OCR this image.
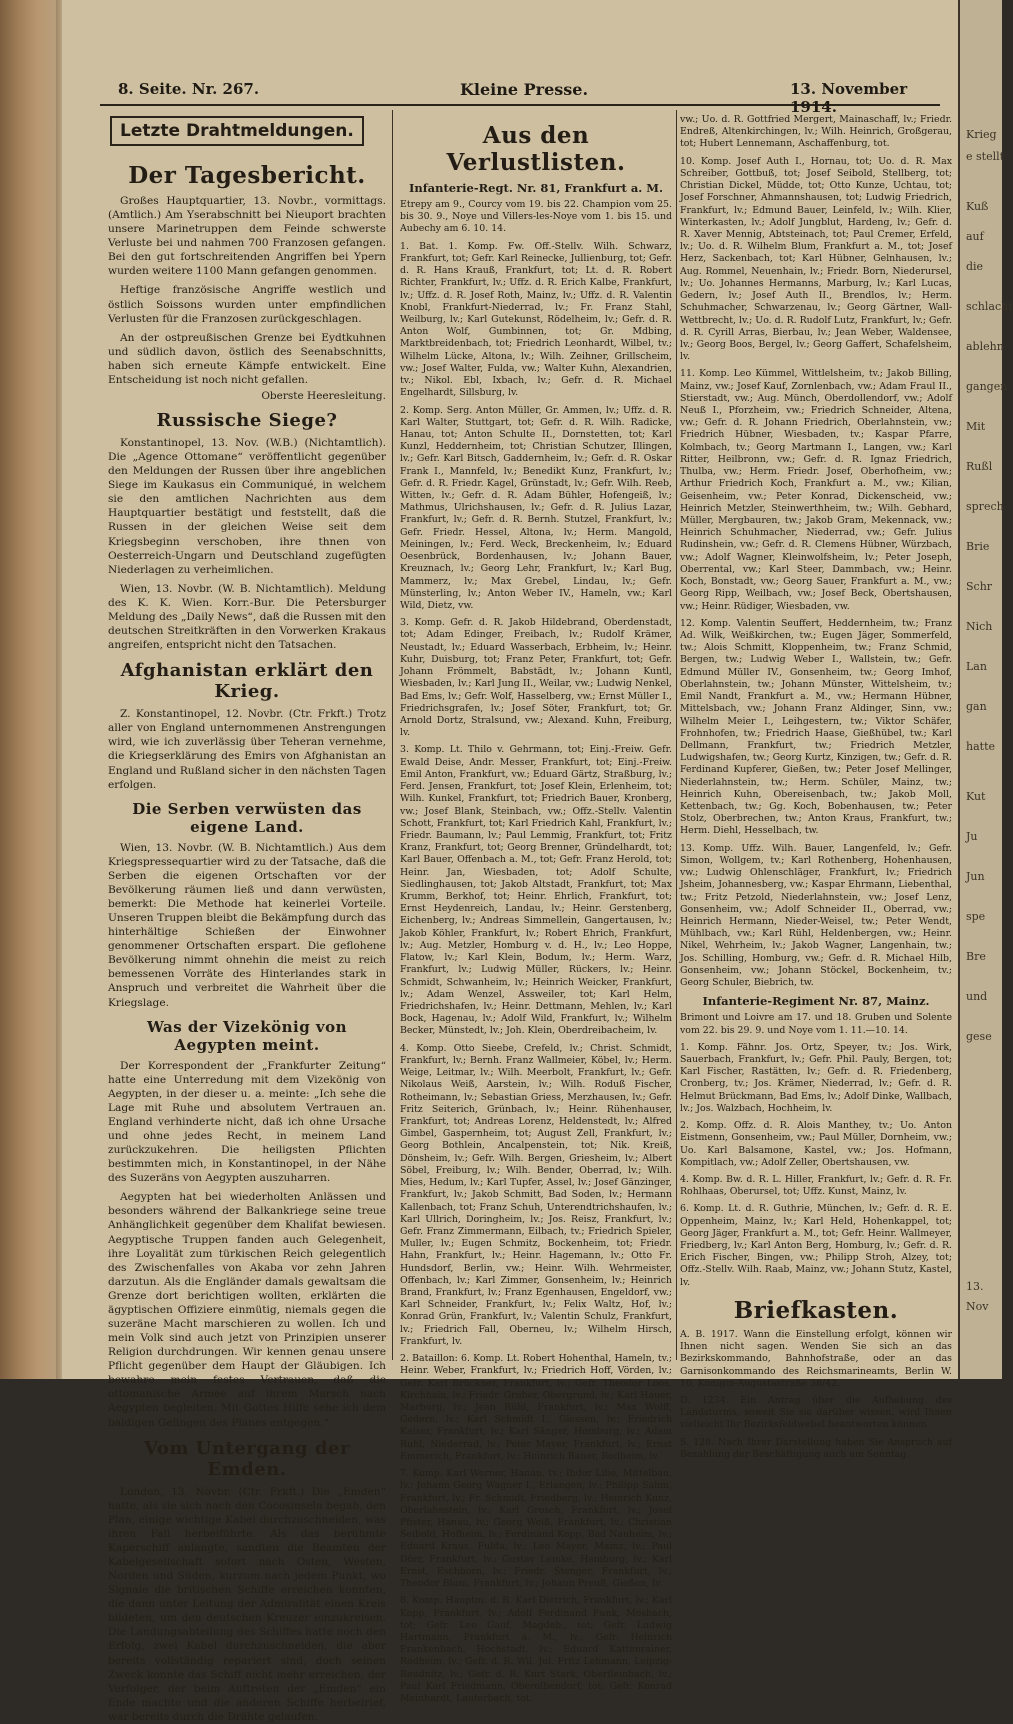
8. Seite. Nr. 267.	Kleine Presse.	13. November 1914.
Letzte Drahtmeldungen.
Der Tagesbericht.

Großes Hauptquartier, 13. Novbr., vormittags. (Amtlich.) Am Yserabschnitt bei Nieuport brachten unsere Marinetruppen dem Feinde schwerste Verluste bei und nahmen 700 Franzosen gefangen. Bei den gut fortschreitenden Angriffen bei Ypern wurden weitere 1100 Mann gefangen genommen.

Heftige französische Angriffe westlich und östlich Soissons wurden unter empfindlichen Verlusten für die Franzosen zurückgeschlagen.

An der ostpreußischen Grenze bei Eydtkuhnen und südlich davon, östlich des Seenabschnitts, haben sich erneute Kämpfe entwickelt. Eine Entscheidung ist noch nicht gefallen.

Oberste Heeresleitung.
Russische Siege?

Konstantinopel, 13. Nov. (W.B.) (Nichtamtlich). Die „Agence Ottomane“ veröffentlicht gegenüber den Meldungen der Russen über ihre angeblichen Siege im Kaukasus ein Communiqué, in welchem sie den amtlichen Nachrichten aus dem Hauptquartier bestätigt und feststellt, daß die Russen in der gleichen Weise seit dem Kriegsbeginn verschoben, ihre thnen von Oesterreich-Ungarn und Deutschland zugefügten Niederlagen zu verheimlichen.

Wien, 13. Novbr. (W. B. Nichtamtlich). Meldung des K. K. Wien. Korr.-Bur. Die Petersburger Meldung des „Daily News“, daß die Russen mit den deutschen Streitkräften in den Vorwerken Krakaus angreifen, entspricht nicht den Tatsachen.

Afghanistan erklärt den Krieg.

Z. Konstantinopel, 12. Novbr. (Ctr. Frkft.) Trotz aller von England unternommenen Anstrengungen wird, wie ich zuverlässig über Teheran vernehme, die Kriegserklärung des Emirs von Afghanistan an England und Rußland sicher in den nächsten Tagen erfolgen.

Die Serben verwüsten das eigene Land.

Wien, 13. Novbr. (W. B. Nichtamtlich.) Aus dem Kriegspressequartier wird zu der Tatsache, daß die Serben die eigenen Ortschaften vor der Bevölkerung räumen ließ und dann verwüsten, bemerkt: Die Methode hat keinerlei Vorteile. Unseren Truppen bleibt die Bekämpfung durch das hinterhältige Schießen der Einwohner genommener Ortschaften erspart. Die geflohene Bevölkerung nimmt ohnehin die meist zu reich bemessenen Vorräte des Hinterlandes stark in Anspruch und verbreitet die Wahrheit über die Kriegslage.

Was der Vizekönig von Aegypten meint.

Der Korrespondent der „Frankfurter Zeitung“ hatte eine Unterredung mit dem Vizekönig von Aegypten, in der dieser u. a. meinte: „Ich sehe die Lage mit Ruhe und absolutem Vertrauen an. England verhinderte nicht, daß ich ohne Ursache und ohne jedes Recht, in meinem Land zurückzukehren. Die heiligsten Pflichten bestimmten mich, in Konstantinopel, in der Nähe des Suzeräns von Aegypten auszuharren.

Aegypten hat bei wiederholten Anlässen und besonders während der Balkankriege seine treue Anhänglichkeit gegenüber dem Khalifat bewiesen. Aegyptische Truppen fanden auch Gelegenheit, ihre Loyalität zum türkischen Reich gelegentlich des Zwischenfalles von Akaba vor zehn Jahren darzutun. Als die Engländer damals gewaltsam die Grenze dort berichtigen wollten, erklärten die ägyptischen Offiziere einmütig, niemals gegen die suzeräne Macht marschieren zu wollen. Ich und mein Volk sind auch jetzt von Prinzipien unserer Religion durchdrungen. Wir kennen genau unsere Pflicht gegenüber dem Haupt der Gläubigen. Ich bewahre mein festes Vertrauen, daß die ottomanische Armee auf ihrem Marsch nach Aegypten begleiten. Mit Gottes Hilfe sehe ich dem baldigen Gelingen des Planes entgegen.“

Vom Untergang der Emden.

London, 13. Novbr. (Ctr. Frkft.) Die „Emden“ hatte, als sie sich nach den Cocosinseln begab, den Plan, einige wichtige Kabel durchzuschneiden, was ihren Fall herbeiführte. Als das berühmte Kaperschiff anlangte, sandten die Beamten der Kabelgesellschaft sofort nach Osten, Westen, Norden und Süden, kurzum nach jedem Punkt, wo Signale die britischen Schiffe erreichen konnten, die dann unter Leitung der Admiralität einen Kreis bildeten, um den deutschen Kreuzer einzukreisen. Die Landungsabteilung des Schiffes hatte noch den Erfolg, zwei Kabel durchzuschneiden, die aber bereits vollständig repariert sind, doch seinen Zweck konnte das Schiff nicht mehr erreichen, der Verfolger, der beim Auftreten der „Emden“ ein Ende machte und die anderen Schiffe herbeirief, war bereits durch die Drähte gelaufen.

Aus den Verlustlisten.
Infanterie-Regt. Nr. 81, Frankfurt a. M.

Etrepy am 9., Courcy vom 19. bis 22. Champion vom 25. bis 30. 9., Noye und Villers-les-Noye vom 1. bis 15. und Aubechy am 6. 10. 14.

1. Bat. 1. Komp. Fw. Off.-Stellv. Wilh. Schwarz, Frankfurt, tot; Gefr. Karl Reinecke, Jullienburg, tot; Gefr. d. R. Hans Krauß, Frankfurt, tot; Lt. d. R. Robert Richter, Frankfurt, lv.; Uffz. d. R. Erich Kalbe, Frankfurt, lv.; Uffz. d. R. Josef Roth, Mainz, lv.; Uffz. d. R. Valentin Knobl, Frankfurt-Niederrad, lv.; Fr. Franz Stahl, Weilburg, lv.; Karl Gutekunst, Rödelheim, lv.; Gefr. d. R. Anton Wolf, Gumbinnen, tot; Gr. Mdbing, Marktbreidenbach, tot; Friedrich Leonhardt, Wilbel, tv.; Wilhelm Lücke, Altona, lv.; Wilh. Zeihner, Grillscheim, vw.; Josef Walter, Fulda, vw.; Walter Kuhn, Alexandrien, tv.; Nikol. Ebl, Ixbach, lv.; Gefr. d. R. Michael Engelhardt, Sillsburg, lv.

2. Komp. Serg. Anton Müller, Gr. Ammen, lv.; Uffz. d. R. Karl Walter, Stuttgart, tot; Gefr. d. R. Wilh. Radicke, Hanau, tot; Anton Schulte II., Dornstetten, tot; Karl Kunzl, Heddernheim, tot; Christian Schutzer, Illingen, lv.; Gefr. Karl Bitsch, Gaddernheim, lv.; Gefr. d. R. Oskar Frank I., Mannfeld, lv.; Benedikt Kunz, Frankfurt, lv.; Gefr. d. R. Friedr. Kagel, Grünstadt, lv.; Gefr. Wilh. Reeb, Witten, lv.; Gefr. d. R. Adam Bühler, Hofengeiß, lv.; Mathmus, Ulrichshausen, lv.; Gefr. d. R. Julius Lazar, Frankfurt, lv.; Gefr. d. R. Bernh. Stutzel, Frankfurt, lv.; Gefr. Friedr. Hessel, Altona, lv.; Herm. Mangold, Meiningen, lv.; Ferd. Weck, Breckenheim, lv.; Eduard Oesenbrück, Bordenhausen, lv.; Johann Bauer, Kreuznach, lv.; Georg Lehr, Frankfurt, lv.; Karl Bug, Mammerz, lv.; Max Grebel, Lindau, lv.; Gefr. Münsterling, lv.; Anton Weber IV., Hameln, vw.; Karl Wild, Dietz, vw.

3. Komp. Gefr. d. R. Jakob Hildebrand, Oberdenstadt, tot; Adam Edinger, Freibach, lv.; Rudolf Krämer, Neustadt, lv.; Eduard Wasserbach, Erbheim, lv.; Heinr. Kuhr, Duisburg, tot; Franz Peter, Frankfurt, tot; Gefr. Johann Frömmelt, Babstädt, lv.; Johann Kuntl, Wiesbaden, lv.; Karl Jung II., Weilar, vw.; Ludwig Nenkel, Bad Ems, lv.; Gefr. Wolf, Hasselberg, vw.; Ernst Müller I., Friedrichsgrafen, lv.; Josef Söter, Frankfurt, tot; Gr. Arnold Dortz, Stralsund, vw.; Alexand. Kuhn, Freiburg, lv.

3. Komp. Lt. Thilo v. Gehrmann, tot; Einj.-Freiw. Gefr. Ewald Deise, Andr. Messer, Frankfurt, tot; Einj.-Freiw. Emil Anton, Frankfurt, vw.; Eduard Gärtz, Straßburg, lv.; Ferd. Jensen, Frankfurt, tot; Josef Klein, Erlenheim, tot; Wilh. Kunkel, Frankfurt, tot; Friedrich Bauer, Kronberg, vw.; Josef Blank, Steinbach, vw.; Offz.-Stellv. Valentin Schott, Frankfurt, tot; Karl Friedrich Kahl, Frankfurt, lv.; Friedr. Baumann, lv.; Paul Lemmig, Frankfurt, tot; Fritz Kranz, Frankfurt, tot; Georg Brenner, Gründelhardt, tot; Karl Bauer, Offenbach a. M., tot; Gefr. Franz Herold, tot; Heinr. Jan, Wiesbaden, tot; Adolf Schulte, Siedlinghausen, tot; Jakob Altstadt, Frankfurt, tot; Max Krumm, Berkhof, tot; Heinr. Ehrlich, Frankfurt, tot; Ernst Heydenreich, Landau, lv.; Heinr. Gerstenberg, Eichenberg, lv.; Andreas Simmellein, Gangertausen, lv.; Jakob Köhler, Frankfurt, lv.; Robert Ehrich, Frankfurt, lv.; Aug. Metzler, Homburg v. d. H., lv.; Leo Hoppe, Flatow, lv.; Karl Klein, Bodum, lv.; Herm. Warz, Frankfurt, lv.; Ludwig Müller, Rückers, lv.; Heinr. Schmidt, Schwanheim, lv.; Heinrich Weicker, Frankfurt, lv.; Adam Wenzel, Assweiler, tot; Karl Helm, Friedrichshafen, lv.; Heinr. Dettmann, Mehlen, lv.; Karl Bock, Hagenau, lv.; Adolf Wild, Frankfurt, lv.; Wilhelm Becker, Münstedt, lv.; Joh. Klein, Oberdreibacheim, lv.

4. Komp. Otto Sieebe, Crefeld, lv.; Christ. Schmidt, Frankfurt, lv.; Bernh. Franz Wallmeier, Köbel, lv.; Herm. Weige, Leitmar, lv.; Wilh. Meerbolt, Frankfurt, lv.; Gefr. Nikolaus Weiß, Aarstein, lv.; Wilh. Roduß Fischer, Rotheimann, lv.; Sebastian Griess, Merzhausen, lv.; Gefr. Fritz Seiterich, Grünbach, lv.; Heinr. Rühenhauser, Frankfurt, tot; Andreas Lorenz, Heldenstedt, lv.; Alfred Gimbel, Gaspernheim, tot; August Zell, Frankfurt, lv.; Georg Bothlein, Ancalpenstein, tot; Nik. Kreiß, Dönsheim, lv.; Gefr. Wilh. Bergen, Griesheim, lv.; Albert Söbel, Freiburg, lv.; Wilh. Bender, Oberrad, lv.; Wilh. Mies, Hedum, lv.; Karl Tupfer, Assel, lv.; Josef Gänzinger, Frankfurt, lv.; Jakob Schmitt, Bad Soden, lv.; Hermann Kallenbach, tot; Franz Schuh, Unterendtrichshaufen, lv.; Karl Ullrich, Doringheim, lv.; Jos. Reisz, Frankfurt, lv.; Gefr. Franz Zimmermann, Eilbach, tv.; Friedrich Spieler, Muller, lv.; Eugen Schmitz, Bockenheim, tot; Friedr. Hahn, Frankfurt, lv.; Heinr. Hagemann, lv.; Otto Fr. Hundsdorf, Berlin, vw.; Heinr. Wilh. Wehrmeister, Offenbach, lv.; Karl Zimmer, Gonsenheim, lv.; Heinrich Brand, Frankfurt, lv.; Franz Egenhausen, Engeldorf, vw.; Karl Schneider, Frankfurt, lv.; Felix Waltz, Hof, lv.; Konrad Grün, Frankfurt, lv.; Valentin Schulz, Frankfurt, lv.; Friedrich Fall, Oberneu, lv.; Wilhelm Hirsch, Frankfurt, lv.

2. Bataillon: 6. Komp. Lt. Robert Hohenthal, Hameln, tv.; Heinr. Weber, Frankfurt, lv.; Friedrich Hoff, Vörden, lv.; Gefr. Karl Brückner, Frankfurt, lv.; Gefr. Theodor Loos, Kirchhain, lv.; Friedr. Gruber, Obergrund, lv.; Karl Hauer, Marburg, lv.; Jean Rühl, Frankfurt, lv.; Max Wolff, Gedern, lv.; Karl Schmidt I., Giessen, lv.; Friedrich Kaiser, Frankfurt, lv.; Karl Sänger, Homburg, lv.; Adam Ruhl, Niederrad, lv.; Peter Mayer, Frankfurt, lv.; Ernst Emmerich, Frankfurt, lv.; Heinrich Bauer, Rodheim, lv.

7. Komp. Karl Werner, Hanau, tv.; Ihdor Lilie, Mittelbau, lv.; Johann Georg Wagner I., Erlangen, lv.; Philipp Sahm, Frankfurt, lv.; Fr. Schmidt, Friedberg, lv.; Heinrich Kunz, Oberlahnstein, lv.; Karl Grosch, Frankfurt, lv.; Josef Pfister, Hanau, lv.; Georg Weiß, Frankfurt, lv.; Christian Seibold, Hofheim, lv.; Ferdinand Kopp, Bad Nauheim, lv.; Eduard Kraus, Fulda, lv.; Leo Mayer, Mainz, lv.; Paul Dörr, Frankfurt, lv.; Gustav Lemke, Hamburg, lv.; Karl Ernst, Eschborn, lv.; Friedr. Stenger, Frankfurt, lv.; Theodor Blum, Frankfurt, lv.; Johann Preuß, Gießen, lv.

8. Komp. Hauptm. d. R. Karl Dietrich, Frankfurt, lv.; Karl Kopp, Frankfurt, lv.; Adolf Ferdinand Funk, Mosbach, tot; Gefr. Leo Gauf, Magdeb., tot; Gefr. Ludwig Hartmann, Frankfurt a. M., lv.; Gefr. Heinrich Frankenbach, Hochstadt, lv.; Eduard Kattenrainer, Rodheim, lv.; Gefr. d. R. Wil. Jul. Fritz Lehmann, Leipzig-Reudnitz, lv.; Gefr. d. R. Kurt Stark, Oberfleinbach, lv.; Paul Karl Friedmann, Oberolbendorf, tot; Gefr. Konrad Meinhardt, Lauterbach, tot.

vw.; Uo. d. R. Gottfried Mergert, Mainaschaff, lv.; Friedr. Endreß, Altenkirchingen, lv.; Wilh. Heinrich, Großgerau, tot; Hubert Lennemann, Aschaffenburg, tot.

10. Komp. Josef Auth I., Hornau, tot; Uo. d. R. Max Schreiber, Gottbuß, tot; Josef Seibold, Stellberg, tot; Christian Dickel, Müdde, tot; Otto Kunze, Uchtau, tot; Josef Forschner, Ahmannshausen, tot; Ludwig Friedrich, Frankfurt, lv.; Edmund Bauer, Leinfeld, lv.; Wilh. Klier, Winterkasten, lv.; Adolf Jungblut, Hardeng, lv.; Gefr. d. R. Xaver Mennig, Abtsteinach, tot; Paul Cremer, Erfeld, lv.; Uo. d. R. Wilhelm Blum, Frankfurt a. M., tot; Josef Herz, Sackenbach, tot; Karl Hübner, Gelnhausen, lv.; Aug. Rommel, Neuenhain, lv.; Friedr. Born, Niederursel, lv.; Uo. Johannes Hermanns, Marburg, lv.; Karl Lucas, Gedern, lv.; Josef Auth II., Brendlos, lv.; Herm. Schuhmacher, Schwarzenau, lv.; Georg Gärtner, Wall-Wettbrecht, lv.; Uo. d. R. Rudolf Lutz, Frankfurt, lv.; Gefr. d. R. Cyrill Arras, Bierbau, lv.; Jean Weber, Waldensee, lv.; Georg Boos, Bergel, lv.; Georg Gaffert, Schafelsheim, lv.

11. Komp. Leo Kümmel, Wittlelsheim, tv.; Jakob Billing, Mainz, vw.; Josef Kauf, Zornlenbach, vw.; Adam Fraul II., Stierstadt, vw.; Aug. Münch, Oberdollendorf, vw.; Adolf Neuß I., Pforzheim, vw.; Friedrich Schneider, Altena, vw.; Gefr. d. R. Johann Friedrich, Oberlahnstein, vw.; Friedrich Hübner, Wiesbaden, tv.; Kaspar Pfarre, Kolmbach, tv.; Georg Martmann I., Langen, vw.; Karl Ritter, Heilbronn, vw.; Gefr. d. R. Ignaz Friedrich, Thulba, vw.; Herm. Friedr. Josef, Oberhofheim, vw.; Arthur Friedrich Koch, Frankfurt a. M., vw.; Kilian, Geisenheim, vw.; Peter Konrad, Dickenscheid, vw.; Heinrich Metzler, Steinwerthheim, tw.; Wilh. Gebhard, Müller, Mergbauren, tw.; Jakob Gram, Mekennack, vw.; Heinrich Schuhmacher, Niederrad, vw.; Gefr. Julius Rudinshein, vw.; Gefr. d. R. Clemens Hübner, Würzbach, vw.; Adolf Wagner, Kleinwolfsheim, lv.; Peter Joseph, Oberrental, vw.; Karl Steer, Dammbach, vw.; Heinr. Koch, Bonstadt, vw.; Georg Sauer, Frankfurt a. M., vw.; Georg Ripp, Weilbach, vw.; Josef Beck, Obertshausen, vw.; Heinr. Rüdiger, Wiesbaden, vw.

12. Komp. Valentin Seuffert, Heddernheim, tw.; Franz Ad. Wilk, Weißkirchen, tw.; Eugen Jäger, Sommerfeld, tw.; Alois Schmitt, Kloppenheim, tw.; Franz Schmid, Bergen, tw.; Ludwig Weber I., Wallstein, tw.; Gefr. Edmund Müller IV., Gonsenheim, tw.; Georg Imhof, Oberlahnstein, tw.; Johann Münster, Wittelsheim, tv.; Emil Nandt, Frankfurt a. M., vw.; Hermann Hübner, Mittelsbach, vw.; Johann Franz Aldinger, Sinn, vw.; Wilhelm Meier I., Leihgestern, tw.; Viktor Schäfer, Frohnhofen, tw.; Friedrich Haase, Gießhübel, tw.; Karl Dellmann, Frankfurt, tw.; Friedrich Metzler, Ludwigshafen, tw.; Georg Kurtz, Kinzigen, tw.; Gefr. d. R. Ferdinand Kupferer, Gießen, tw.; Peter Josef Mellinger, Niederlahnstein, tw.; Herm. Schüler, Mainz, tw.; Heinrich Kuhn, Obereisenbach, tw.; Jakob Moll, Kettenbach, tw.; Gg. Koch, Bobenhausen, tw.; Peter Stolz, Oberbrechen, tw.; Anton Kraus, Frankfurt, tw.; Herm. Diehl, Hesselbach, tw.

13. Komp. Uffz. Wilh. Bauer, Langenfeld, lv.; Gefr. Simon, Wollgem, tv.; Karl Rothenberg, Hohenhausen, vw.; Ludwig Ohlenschläger, Frankfurt, lv.; Friedrich Jsheim, Johannesberg, vw.; Kaspar Ehrmann, Liebenthal, tw.; Fritz Petzold, Niederlahnstein, vw.; Josef Lenz, Gonsenheim, vw.; Adolf Schneider II., Oberrad, vw.; Heinrich Hermann, Nieder-Weisel, tw.; Peter Wendt, Mühlbach, vw.; Karl Rühl, Heldenbergen, vw.; Heinr. Nikel, Wehrheim, lv.; Jakob Wagner, Langenhain, tw.; Jos. Schilling, Homburg, vw.; Gefr. d. R. Michael Hilb, Gonsenheim, vw.; Johann Stöckel, Bockenheim, tv.; Georg Schuler, Biebrich, tw.

Infanterie-Regiment Nr. 87, Mainz.

Brimont und Loivre am 17. und 18. Gruben und Solente vom 22. bis 29. 9. und Noye vom 1. 11.—10. 14.

1. Komp. Fähnr. Jos. Ortz, Speyer, tv.; Jos. Wirk, Sauerbach, Frankfurt, lv.; Gefr. Phil. Pauly, Bergen, tot; Karl Fischer, Rastätten, lv.; Gefr. d. R. Friedenberg, Cronberg, tv.; Jos. Krämer, Niederrad, lv.; Gefr. d. R. Helmut Brückmann, Bad Ems, lv.; Adolf Dinke, Wallbach, lv.; Jos. Walzbach, Hochheim, lv.

2. Komp. Offz. d. R. Alois Manthey, tv.; Uo. Anton Eistmenn, Gonsenheim, vw.; Paul Müller, Dornheim, vw.; Uo. Karl Balsamone, Kastel, vw.; Jos. Hofmann, Kompitlach, vw.; Adolf Zeller, Obertshausen, vw.

4. Komp. Bw. d. R. L. Hiller, Frankfurt, lv.; Gefr. d. R. Fr. Rohlhaas, Oberursel, tot; Uffz. Kunst, Mainz, lv.

6. Komp. Lt. d. R. Guthrie, München, lv.; Gefr. d. R. E. Oppenheim, Mainz, lv.; Karl Held, Hohenkappel, tot; Georg Jäger, Frankfurt a. M., tot; Gefr. Heinr. Wallmeyer, Friedberg, lv.; Karl Anton Berg, Homburg, lv.; Gefr. d. R. Erich Fischer, Bingen, vw.; Philipp Stroh, Alzey, tot; Offz.-Stellv. Wilh. Raab, Mainz, vw.; Johann Stutz, Kastel, lv.

Briefkasten.

A. B. 1917. Wann die Einstellung erfolgt, können wir Ihnen nicht sagen. Wenden Sie sich an das Bezirkskommando, Bahnhofstraße, oder an das Garnisonkommando des Reichsmarineamts, Berlin W. 10, Königin-Augustastraße 38/42.

D. 1234. Ein Antrag über die Aufhebung des Landsturms, soweit Sie sie darüber wissen, wird Ihnen vielleicht Ihr Bezirksfeldwebel beantworten können.

S. 128. Nach Ihrer Darstellung haben Sie Anspruch auf Bezahlung der Beschäftigung auch am Sonntag.

Krieg
e stellt
Kuß
auf
die
schlacht
ablehn
gangen
Mit
Rußl
sprech
Brie
Schr
Nich
Lan
gan
hatte
Kut
Ju
Jun
spe
Bre
und
gese
13.
Nov
